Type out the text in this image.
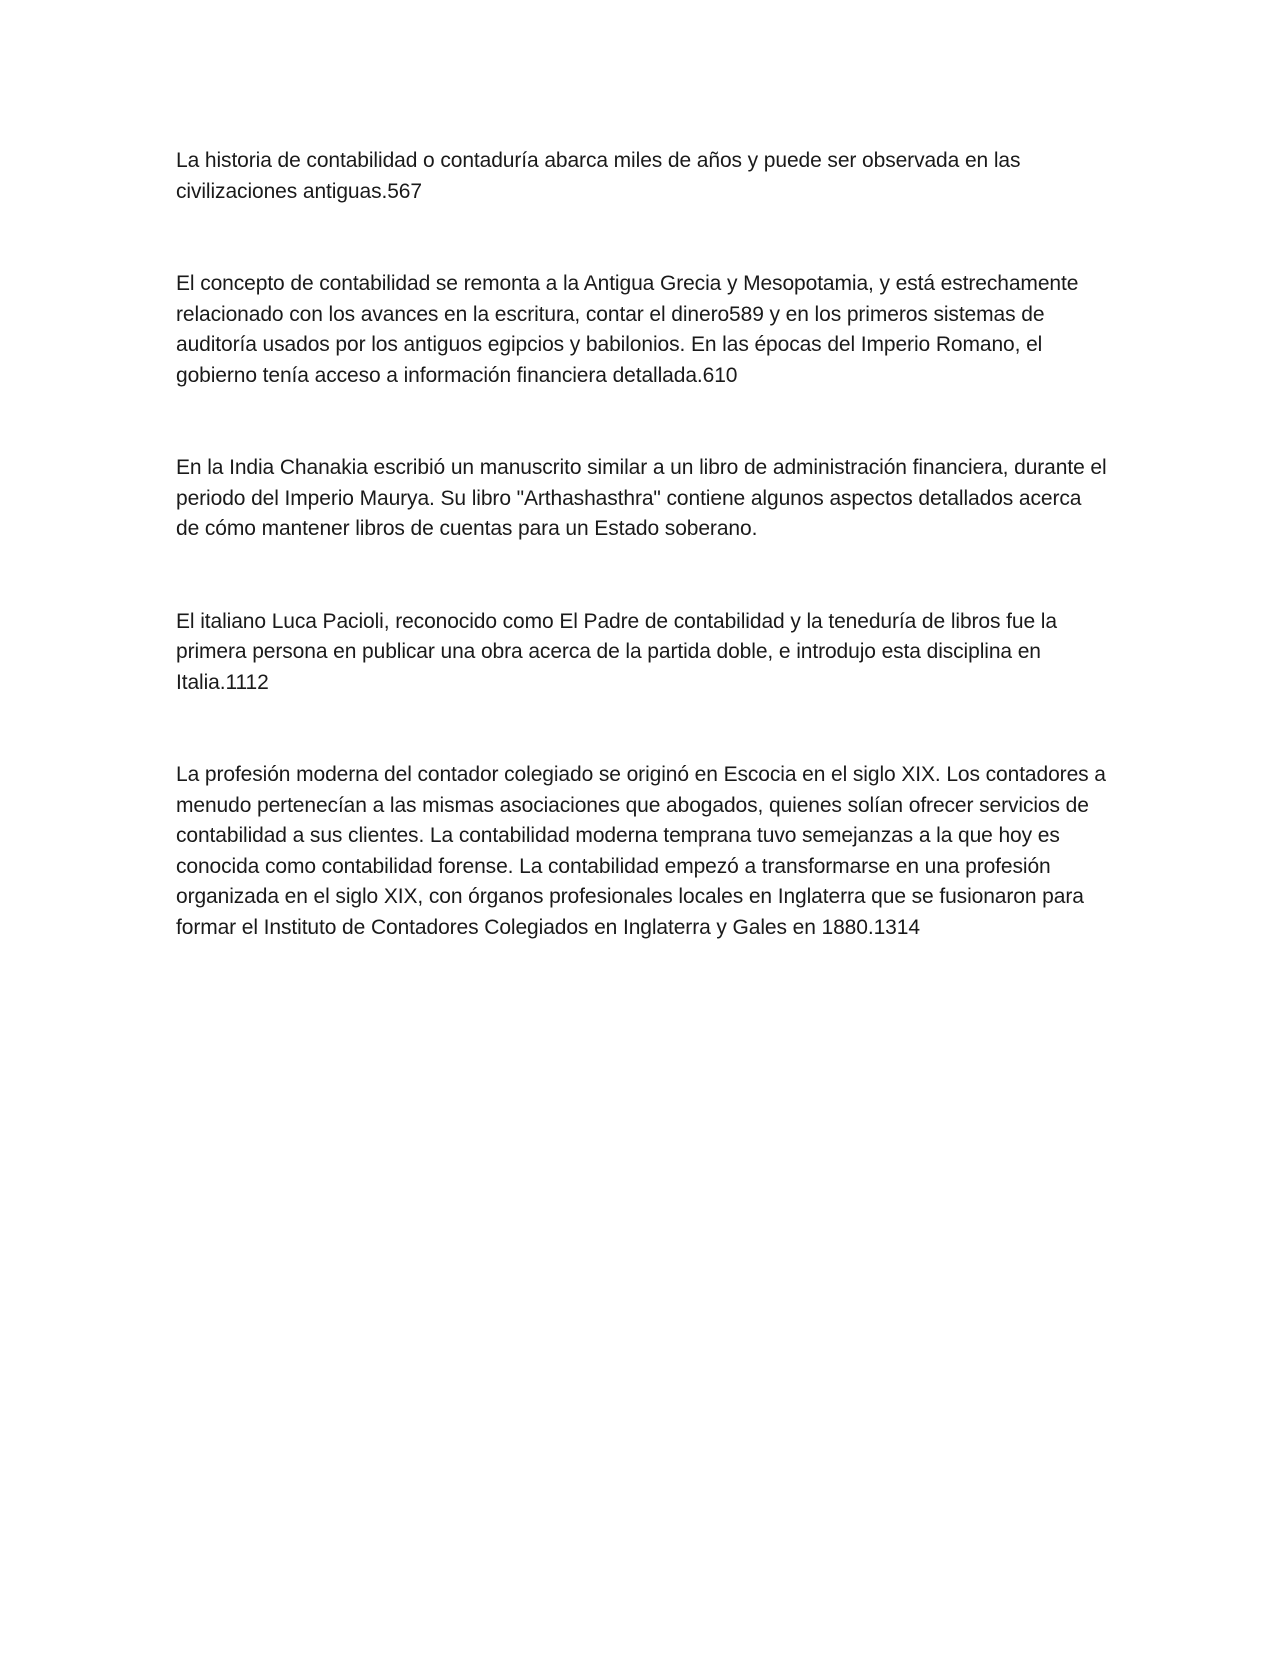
La historia de contabilidad o contaduría abarca miles de años y puede ser observada en las civilizaciones antiguas.567

El concepto de contabilidad se remonta a la Antigua Grecia y Mesopotamia, y está estrechamente relacionado con los avances en la escritura, contar el dinero589 y en los primeros sistemas de auditoría usados por los antiguos egipcios y babilonios. En las épocas del Imperio Romano, el gobierno tenía acceso a información financiera detallada.610

En la India Chanakia escribió un manuscrito similar a un libro de administración financiera, durante el periodo del Imperio Maurya. Su libro "Arthashasthra" contiene algunos aspectos detallados acerca de cómo mantener libros de cuentas para un Estado soberano.

El italiano Luca Pacioli, reconocido como El Padre de contabilidad y la teneduría de libros fue la primera persona en publicar una obra acerca de la partida doble, e introdujo esta disciplina en Italia.1112

La profesión moderna del contador colegiado se originó en Escocia en el siglo XIX. Los contadores a menudo pertenecían a las mismas asociaciones que abogados, quienes solían ofrecer servicios de contabilidad a sus clientes. La contabilidad moderna temprana tuvo semejanzas a la que hoy es conocida como contabilidad forense. La contabilidad empezó a transformarse en una profesión organizada en el siglo XIX, con órganos profesionales locales en Inglaterra que se fusionaron para formar el Instituto de Contadores Colegiados en Inglaterra y Gales en 1880.1314
